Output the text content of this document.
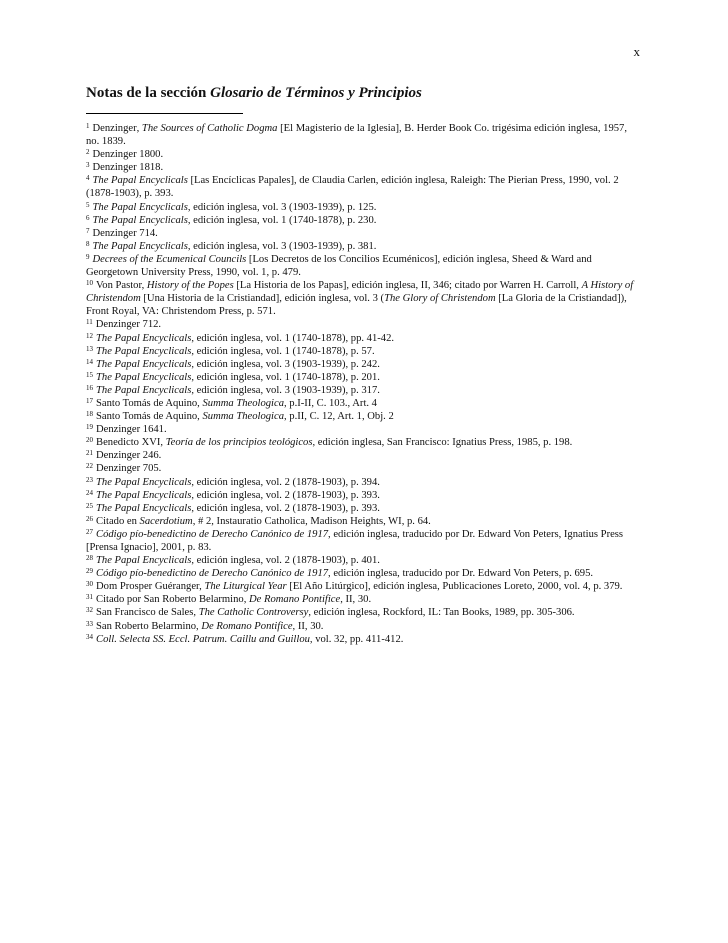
x
Notas de la sección Glosario de Términos y Principios

$^1$ Denzinger, The Sources of Catholic Dogma [El Magisterio de la Iglesia], B. Herder Book Co. trigésima edición inglesa, 1957, no. 1839.

$^2$ Denzinger 1800.

$^3$ Denzinger 1818.

$^4$ The Papal Encyclicals [Las Encíclicas Papales], de Claudia Carlen, edición inglesa, Raleigh: The Pierian Press, 1990, vol. 2 (1878-1903), p. 393.

$^5$ The Papal Encyclicals, edición inglesa, vol. 3 (1903-1939), p. 125.

$^6$ The Papal Encyclicals, edición inglesa, vol. 1 (1740-1878), p. 230.

$^7$ Denzinger 714.

$^8$ The Papal Encyclicals, edición inglesa, vol. 3 (1903-1939), p. 381.

$^9$ Decrees of the Ecumenical Councils [Los Decretos de los Concilios Ecuménicos], edición inglesa, Sheed & Ward and Georgetown University Press, 1990, vol. 1, p. 479.

$^{10}$ Von Pastor, History of the Popes [La Historia de los Papas], edición inglesa, II, 346; citado por Warren H. Carroll, A History of Christendom [Una Historia de la Cristiandad], edición inglesa, vol. 3 (The Glory of Christendom [La Gloria de la Cristiandad]), Front Royal, VA: Christendom Press, p. 571.

$^{11}$ Denzinger 712.

$^{12}$ The Papal Encyclicals, edición inglesa, vol. 1 (1740-1878), pp. 41-42.

$^{13}$ The Papal Encyclicals, edición inglesa, vol. 1 (1740-1878), p. 57.

$^{14}$ The Papal Encyclicals, edición inglesa, vol. 3 (1903-1939), p. 242.

$^{15}$ The Papal Encyclicals, edición inglesa, vol. 1 (1740-1878), p. 201.

$^{16}$ The Papal Encyclicals, edición inglesa, vol. 3 (1903-1939), p. 317.

$^{17}$ Santo Tomás de Aquino, Summa Theologica, p.I-II, C. 103., Art. 4

$^{18}$ Santo Tomás de Aquino, Summa Theologica, p.II, C. 12, Art. 1, Obj. 2

$^{19}$ Denzinger 1641.

$^{20}$ Benedicto XVI, Teoría de los principios teológicos, edición inglesa, San Francisco: Ignatius Press, 1985, p. 198.

$^{21}$ Denzinger 246.

$^{22}$ Denzinger 705.

$^{23}$ The Papal Encyclicals, edición inglesa, vol. 2 (1878-1903), p. 394.

$^{24}$ The Papal Encyclicals, edición inglesa, vol. 2 (1878-1903), p. 393.

$^{25}$ The Papal Encyclicals, edición inglesa, vol. 2 (1878-1903), p. 393.

$^{26}$ Citado en Sacerdotium, # 2, Instauratio Catholica, Madison Heights, WI, p. 64.

$^{27}$ Código pío-benedictino de Derecho Canónico de 1917, edición inglesa, traducido por Dr. Edward Von Peters, Ignatius Press [Prensa Ignacio], 2001, p. 83.

$^{28}$ The Papal Encyclicals, edición inglesa, vol. 2 (1878-1903), p. 401.

$^{29}$ Código pío-benedictino de Derecho Canónico de 1917, edición inglesa, traducido por Dr. Edward Von Peters, p. 695.

$^{30}$ Dom Prosper Guéranger, The Liturgical Year [El Año Litúrgico], edición inglesa, Publicaciones Loreto, 2000, vol. 4, p. 379.

$^{31}$ Citado por San Roberto Belarmino, De Romano Pontifice, II, 30.

$^{32}$ San Francisco de Sales, The Catholic Controversy, edición inglesa, Rockford, IL: Tan Books, 1989, pp. 305-306.

$^{33}$ San Roberto Belarmino, De Romano Pontifice, II, 30.

$^{34}$ Coll. Selecta SS. Eccl. Patrum. Caillu and Guillou, vol. 32, pp. 411-412.
